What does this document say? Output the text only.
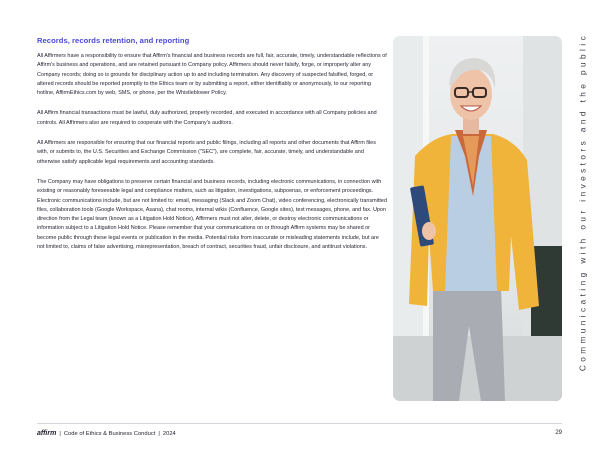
Records, records retention, and reporting

All Affirmers have a responsibility to ensure that Affirm's financial and business records are full, fair, accurate, timely, understandable reflections of Affirm's business and operations, and are retained pursuant to Company policy. Affirmers should never falsify, forge, or improperly alter any Company records; doing so is grounds for disciplinary action up to and including termination. Any discovery of suspected falsified, forged, or altered records should be reported promptly to the Ethics team or by submitting a report, either identifiably or anonymously, to our reporting hotline, AffirmEthics.com by web, SMS, or phone, per the Whistleblower Policy.

All Affirm financial transactions must be lawful, duly authorized, properly recorded, and executed in accordance with all Company policies and controls. All Affirmers also are required to cooperate with the Company's auditors.

All Affirmers are responsible for ensuring that our financial reports and public filings, including all reports and other documents that Affirm files with, or submits to, the U.S. Securities and Exchange Commission ("SEC"), are complete, fair, accurate, timely, and understandable and otherwise satisfy applicable legal requirements and accounting standards.

The Company may have obligations to preserve certain financial and business records, including electronic communications, in connection with existing or reasonably foreseeable legal and compliance matters, such as litigation, investigations, subpoenas, or enforcement proceedings. Electronic communications include, but are not limited to: email, messaging (Slack and Zoom Chat), video conferencing, electronically transmitted files, collaboration tools (Google Workspace, Asana), chat rooms, internal wikis (Confluence, Google sites), text messages, phone, and fax. Upon direction from the Legal team (known as a Litigation Hold Notice), Affirmers must not alter, delete, or destroy electronic communications or information subject to a Litigation Hold Notice. Please remember that your communications on or through Affirm systems may be shared or become public through these legal events or publication in the media. Potential risks from inaccurate or misleading statements include, but are not limited to, claims of false advertising, misrepresentation, breach of contract, securities fraud, unfair disclosure, and antitrust violations.	Communicating with our investors and the public
affirm | Code of Ethics & Business Conduct | 2024	29
